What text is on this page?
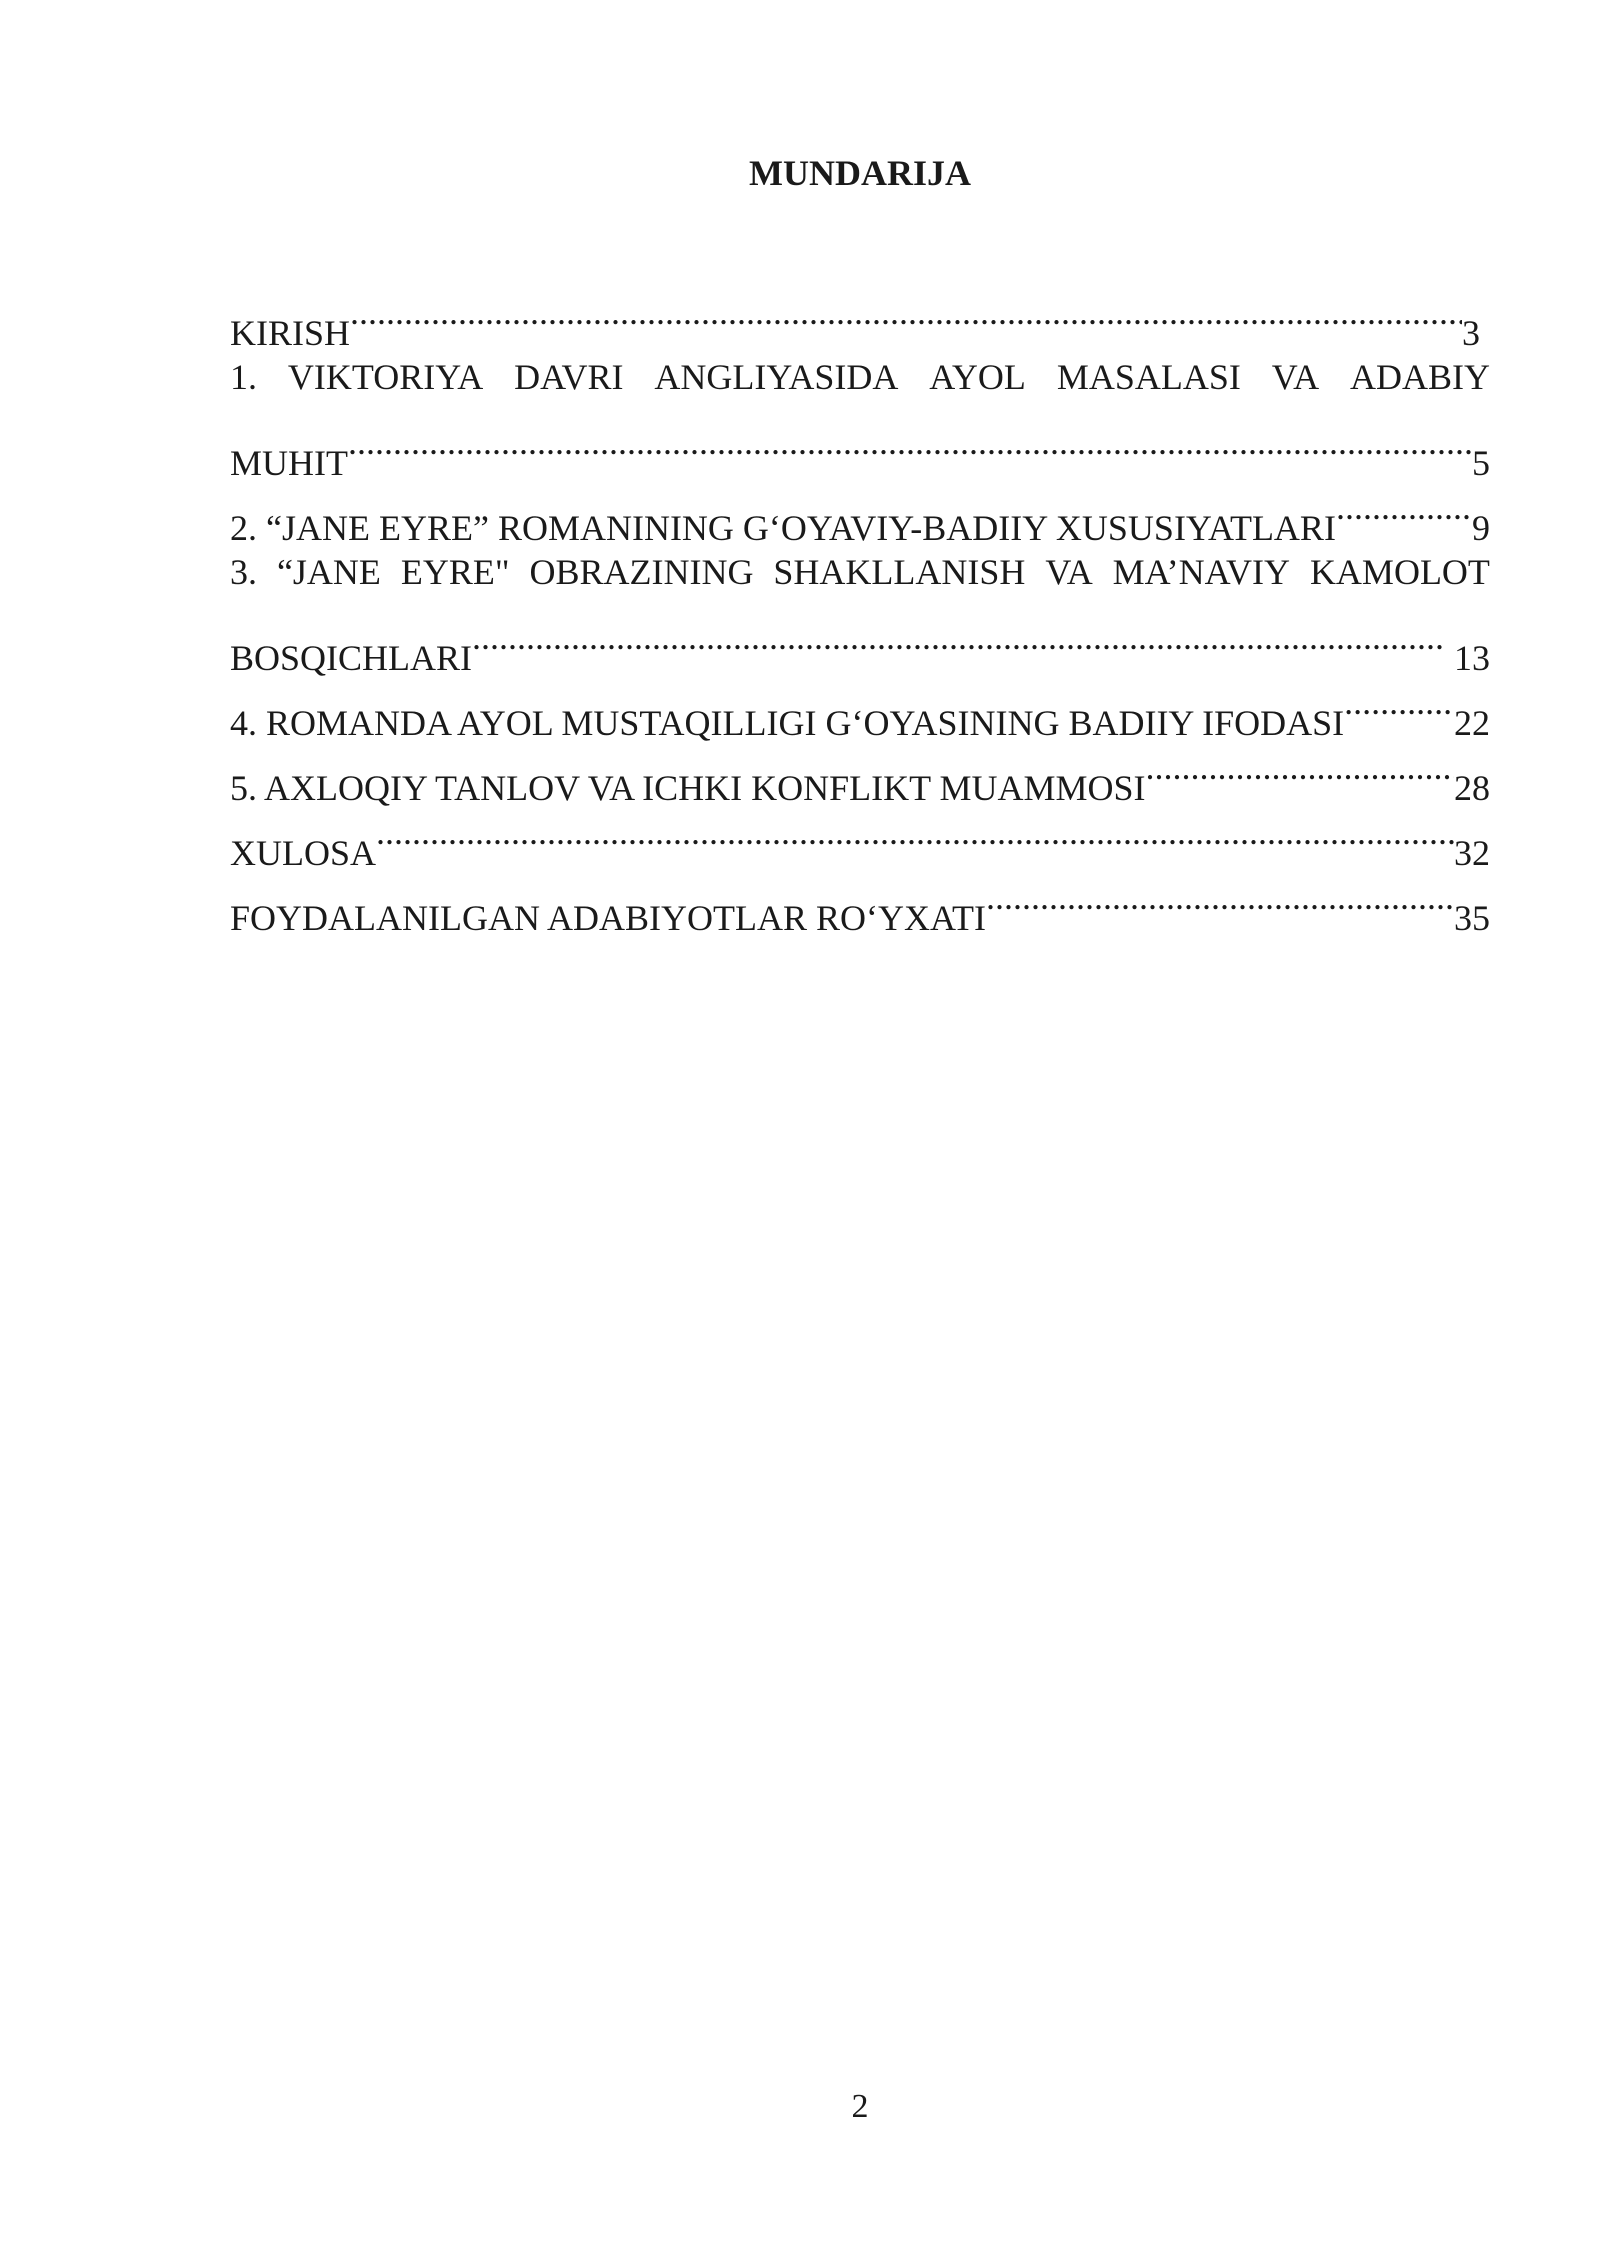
MUNDARIJA
KIRISH .....	3
1. VIKTORIYA DAVRI ANGLIYASIDA AYOL MASALASI VA ADABIY
MUHIT .....	5
2. “JANE EYRE” ROMANINING G‘OYAVIY-BADIIY XUSUSIYATLARI .....	9
3. “JANE EYRE" OBRAZINING SHAKLLANISH VA MA’NAVIY KAMOLOT
BOSQICHLARI .....	13
4. ROMANDA AYOL MUSTAQILLIGI G‘OYASINING BADIIY IFODASI .....	22
5. AXLOQIY TANLOV VA ICHKI KONFLIKT MUAMMOSI .....	28
XULOSA .....	32
FOYDALANILGAN ADABIYOTLAR RO‘YXATI .....	35
2
